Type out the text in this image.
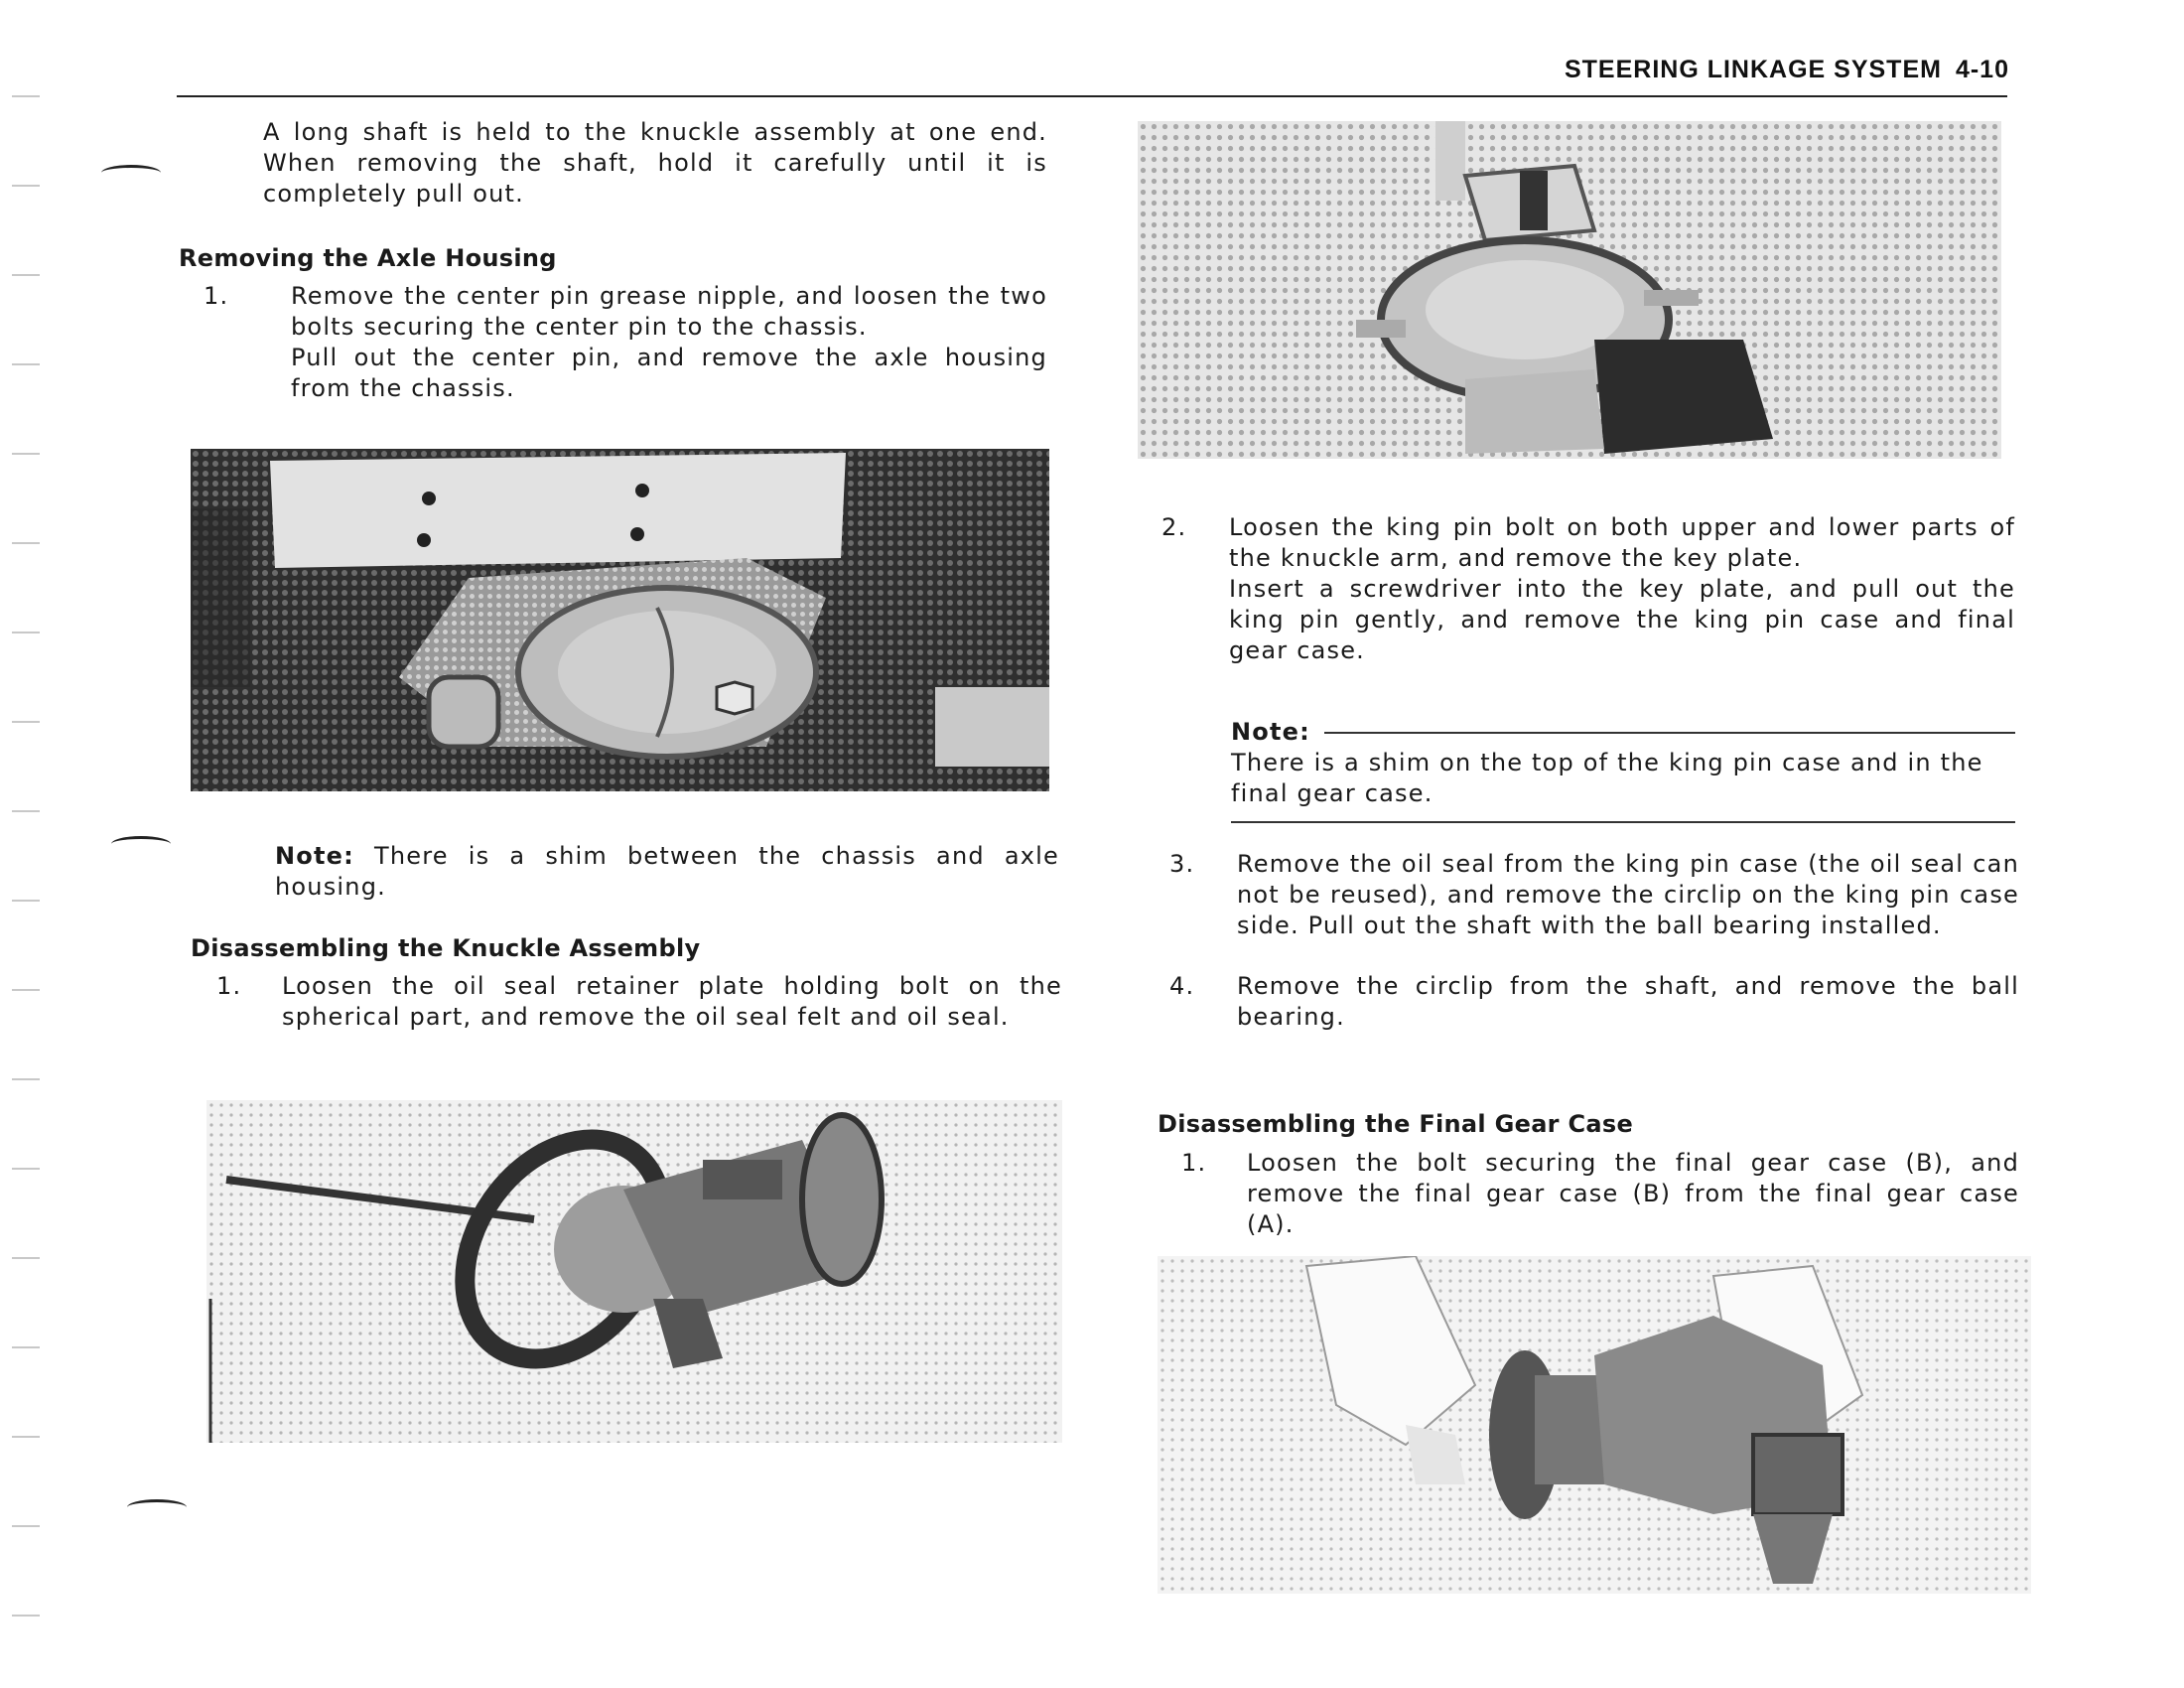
STEERING LINKAGE SYSTEM 4-10
A long shaft is held to the knuckle assembly at one end. When removing the shaft, hold it carefully until it is completely pull out.
Removing the Axle Housing
1.	Remove the center pin grease nipple, and loosen the two bolts securing the center pin to the chassis.

Pull out the center pin, and remove the axle housing from the chassis.

Note: There is a shim between the chassis and axle housing.
Disassembling the Knuckle Assembly
1. Loosen the oil seal retainer plate holding bolt on the spherical part, and remove the oil seal felt and oil seal.

2. Loosen the king pin bolt on both upper and lower parts of the knuckle arm, and remove the key plate.

Insert a screwdriver into the key plate, and pull out the king pin gently, and remove the king pin case and final gear case.

Note:
There is a shim on the top of the king pin case and in the final gear case.
3. Remove the oil seal from the king pin case (the oil seal can not be reused), and remove the circlip on the king pin case side. Pull out the shaft with the ball bearing installed.

4. Remove the circlip from the shaft, and remove the ball bearing.

Disassembling the Final Gear Case
1. Loosen the bolt securing the final gear case (B), and remove the final gear case (B) from the final gear case (A).
